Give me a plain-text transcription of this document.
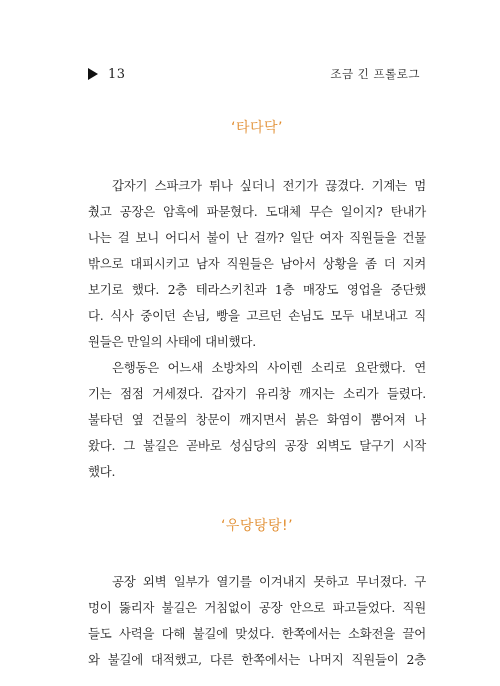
13	조금 긴 프롤로그
‘타다닥’
갑자기 스파크가 튀나 싶더니 전기가 끊겼다. 기계는 멈
췄고 공장은 암흑에 파묻혔다. 도대체 무슨 일이지? 탄내가
나는 걸 보니 어디서 불이 난 걸까? 일단 여자 직원들을 건물
밖으로 대피시키고 남자 직원들은 남아서 상황을 좀 더 지켜
보기로 했다. 2층 테라스키친과 1층 매장도 영업을 중단했
다. 식사 중이던 손님, 빵을 고르던 손님도 모두 내보내고 직
원들은 만일의 사태에 대비했다.
은행동은 어느새 소방차의 사이렌 소리로 요란했다. 연
기는 점점 거세졌다. 갑자기 유리창 깨지는 소리가 들렸다.
불타던 옆 건물의 창문이 깨지면서 붉은 화염이 뿜어져 나
왔다. 그 불길은 곧바로 성심당의 공장 외벽도 달구기 시작
했다.
‘우당탕탕!’
공장 외벽 일부가 열기를 이겨내지 못하고 무너졌다. 구
멍이 뚫리자 불길은 거침없이 공장 안으로 파고들었다. 직원
들도 사력을 다해 불길에 맞섰다. 한쪽에서는 소화전을 끌어
와 불길에 대적했고, 다른 한쪽에서는 나머지 직원들이 2층
